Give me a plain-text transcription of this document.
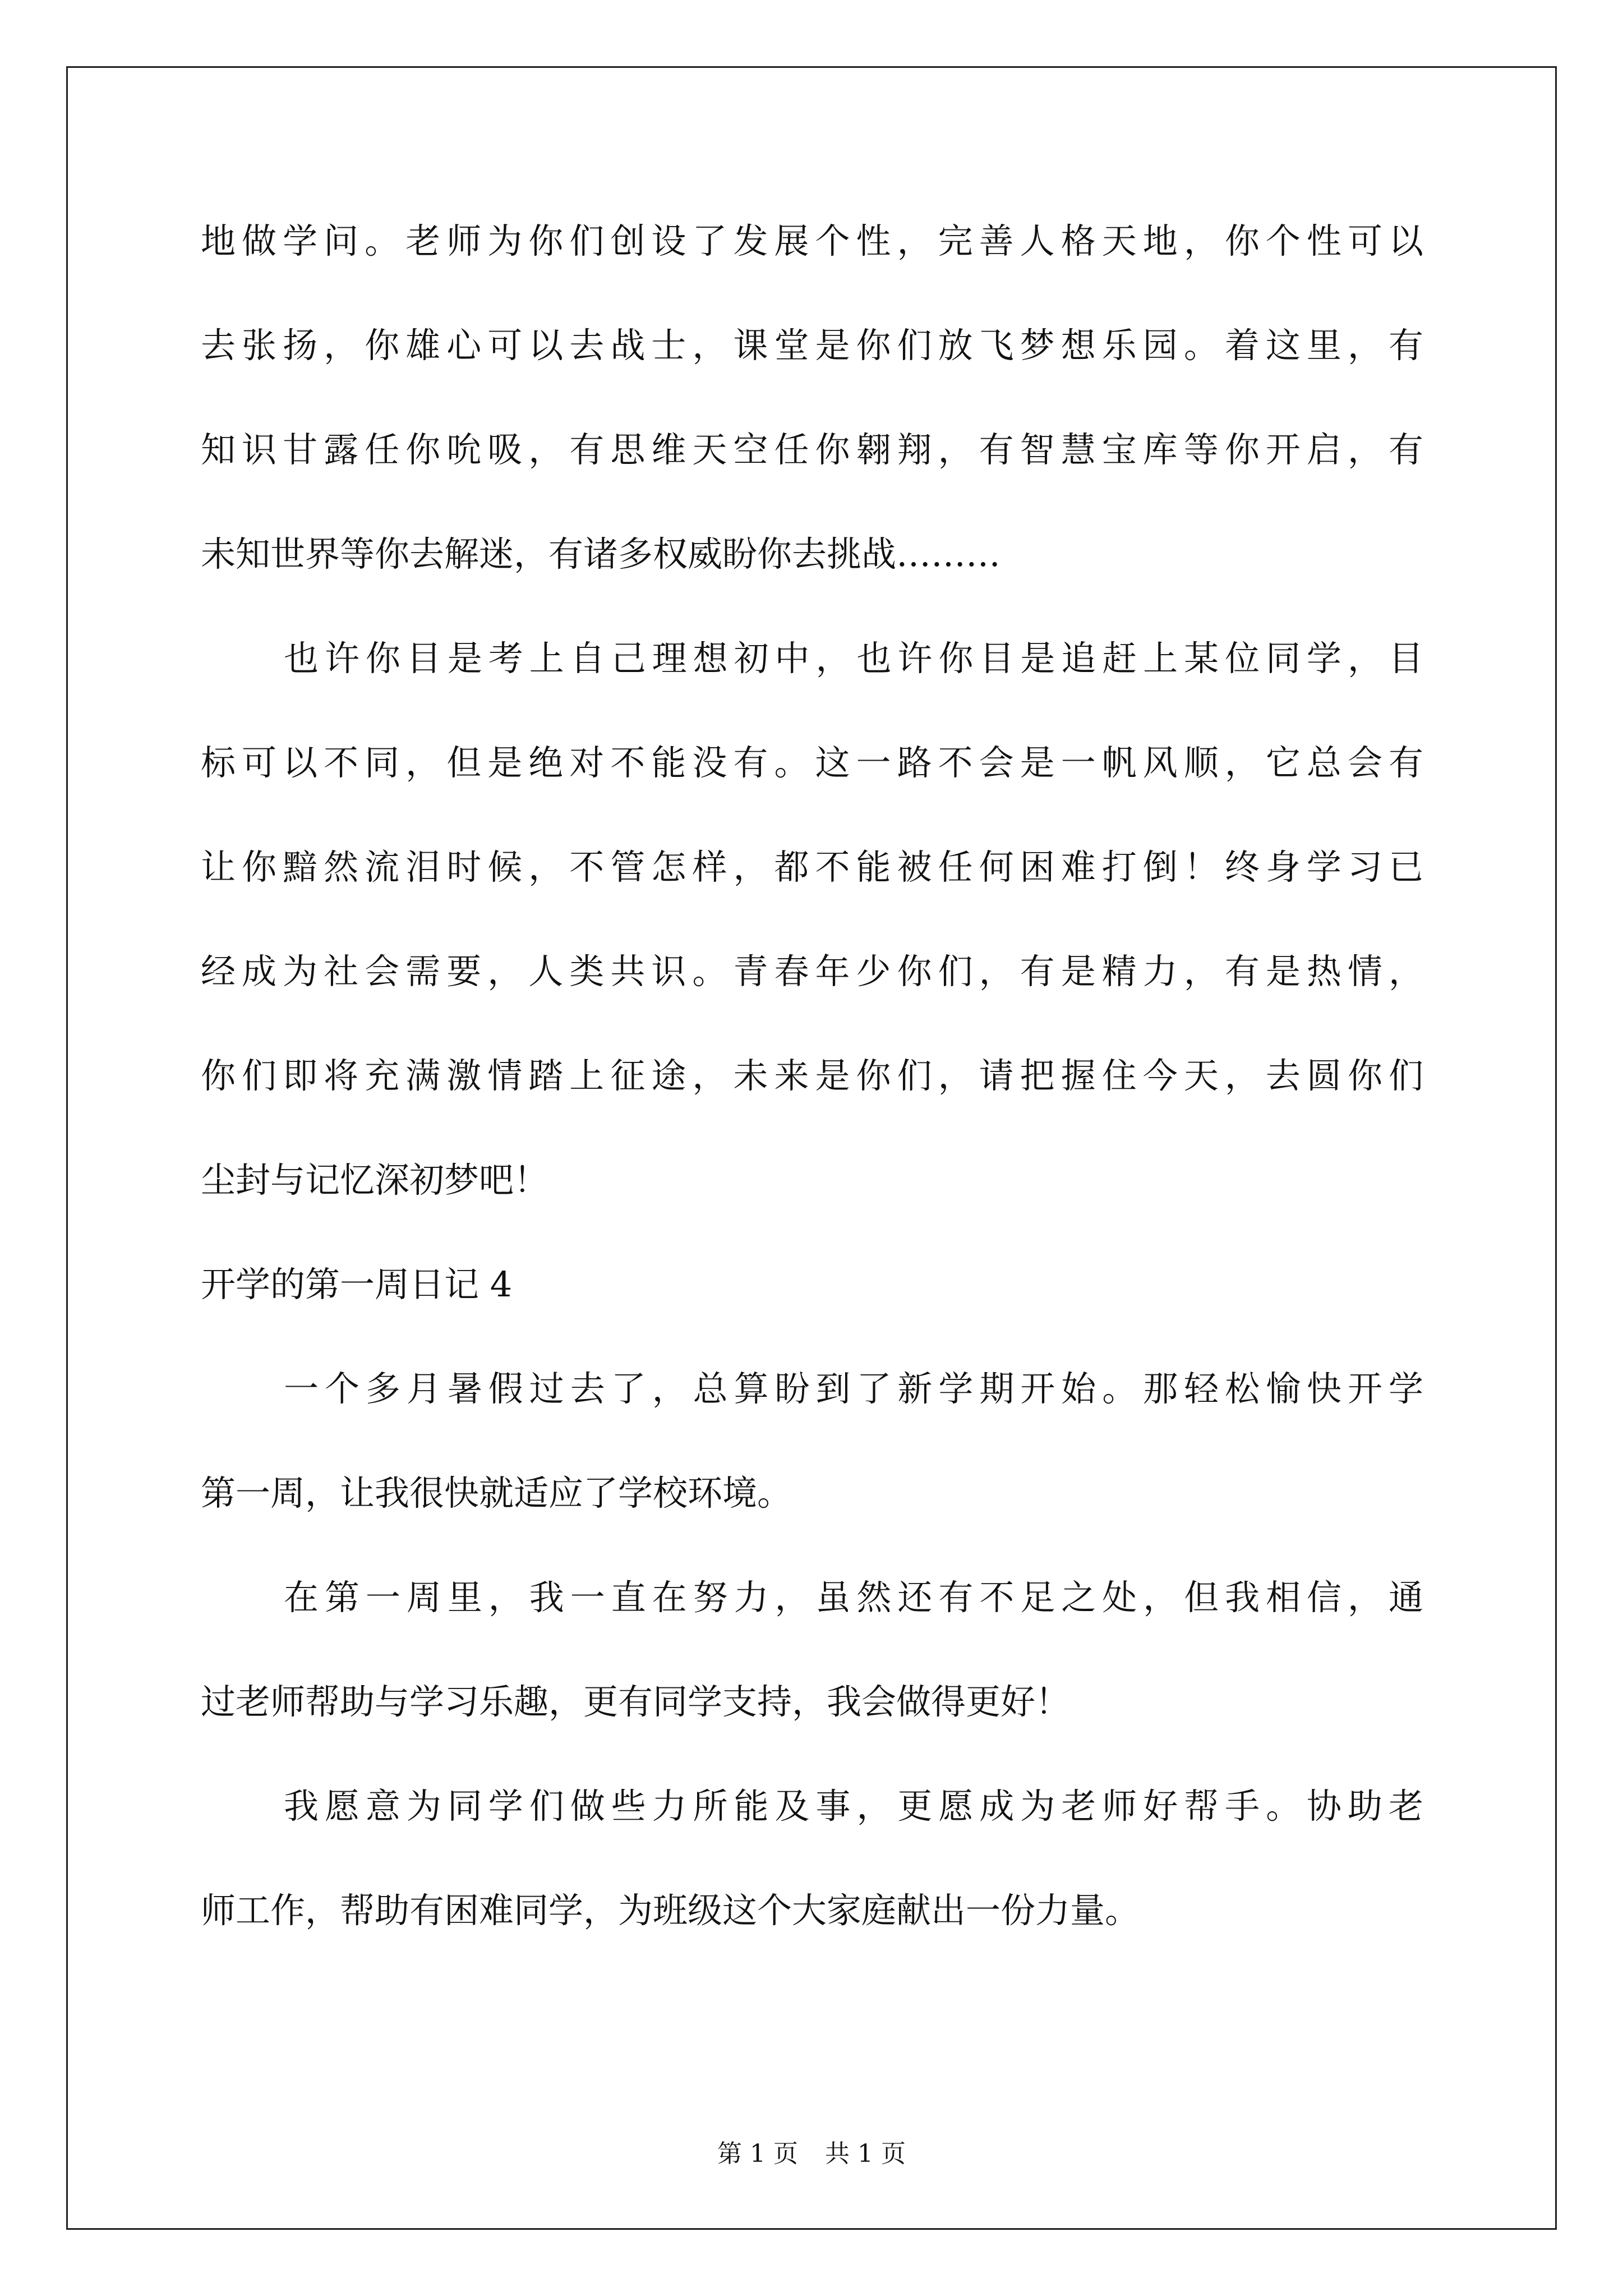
地做学问。老师为你们创设了发展个性，完善人格天地，你个性可以
去张扬，你雄心可以去战士，课堂是你们放飞梦想乐园。着这里，有
知识甘露任你吮吸，有思维天空任你翱翔，有智慧宝库等你开启，有
未知世界等你去解迷，有诸多权威盼你去挑战………
也许你目是考上自己理想初中，也许你目是追赶上某位同学，目
标可以不同，但是绝对不能没有。这一路不会是一帆风顺，它总会有
让你黯然流泪时候，不管怎样，都不能被任何困难打倒！终身学习已
经成为社会需要，人类共识。青春年少你们，有是精力，有是热情，
你们即将充满激情踏上征途，未来是你们，请把握住今天，去圆你们
尘封与记忆深初梦吧！
开学的第一周日记 4
一个多月暑假过去了，总算盼到了新学期开始。那轻松愉快开学
第一周，让我很快就适应了学校环境。
在第一周里，我一直在努力，虽然还有不足之处，但我相信，通
过老师帮助与学习乐趣，更有同学支持，我会做得更好！
我愿意为同学们做些力所能及事，更愿成为老师好帮手。协助老
师工作，帮助有困难同学，为班级这个大家庭献出一份力量。
第 1 页 共 1 页
